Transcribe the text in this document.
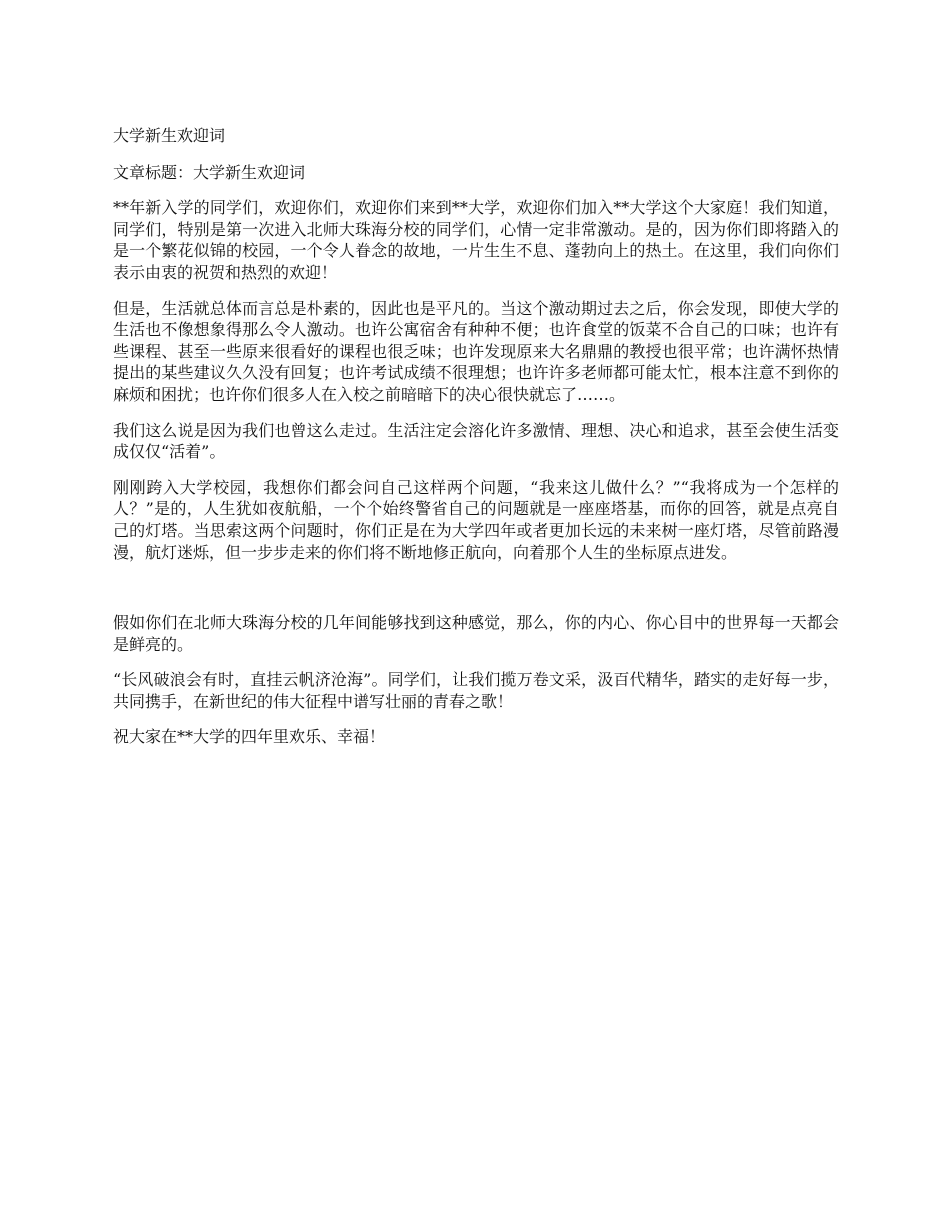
大学新生欢迎词

文章标题：大学新生欢迎词

**年新入学的同学们，欢迎你们，欢迎你们来到**大学，欢迎你们加入**大学这个大家庭！我们知道，同学们，特别是第一次进入北师大珠海分校的同学们，心情一定非常激动。是的，因为你们即将踏入的是一个繁花似锦的校园，一个令人眷念的故地，一片生生不息、蓬勃向上的热土。在这里，我们向你们表示由衷的祝贺和热烈的欢迎！

但是，生活就总体而言总是朴素的，因此也是平凡的。当这个激动期过去之后，你会发现，即使大学的生活也不像想象得那么令人激动。也许公寓宿舍有种种不便；也许食堂的饭菜不合自己的口味；也许有些课程、甚至一些原来很看好的课程也很乏味；也许发现原来大名鼎鼎的教授也很平常；也许满怀热情提出的某些建议久久没有回复；也许考试成绩不很理想；也许许多老师都可能太忙，根本注意不到你的麻烦和困扰；也许你们很多人在入校之前暗暗下的决心很快就忘了……。

我们这么说是因为我们也曾这么走过。生活注定会溶化许多激情、理想、决心和追求，甚至会使生活变成仅仅“活着”。

刚刚跨入大学校园，我想你们都会问自己这样两个问题，“我来这儿做什么？”“我将成为一个怎样的人？”是的，人生犹如夜航船，一个个始终警省自己的问题就是一座座塔基，而你的回答，就是点亮自己的灯塔。当思索这两个问题时，你们正是在为大学四年或者更加长远的未来树一座灯塔，尽管前路漫漫，航灯迷烁，但一步步走来的你们将不断地修正航向，向着那个人生的坐标原点进发。

假如你们在北师大珠海分校的几年间能够找到这种感觉，那么，你的内心、你心目中的世界每一天都会是鲜亮的。

“长风破浪会有时，直挂云帆济沧海”。同学们，让我们揽万卷文采，汲百代精华，踏实的走好每一步，共同携手，在新世纪的伟大征程中谱写壮丽的青春之歌！

祝大家在**大学的四年里欢乐、幸福！
